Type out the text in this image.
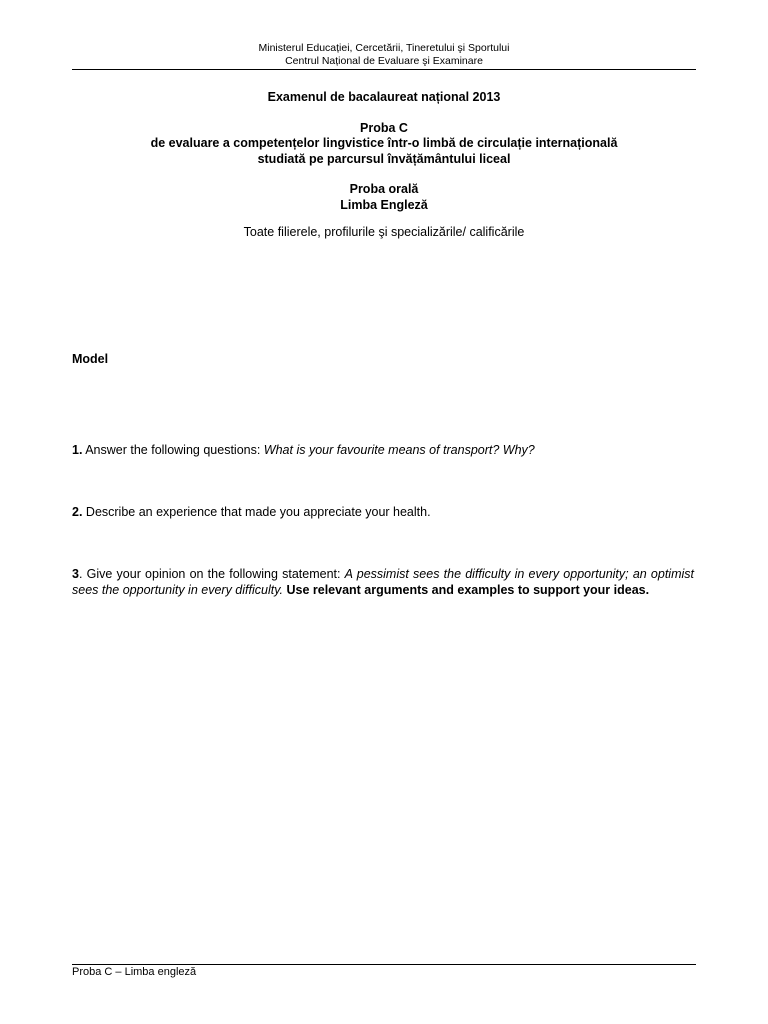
Ministerul Educației, Cercetării, Tineretului şi Sportului
Centrul Național de Evaluare şi Examinare
Examenul de bacalaureat național 2013
Proba C
de evaluare a competențelor lingvistice într-o limbă de circulație internațională
studiată pe parcursul învățământului liceal
Proba orală
Limba Engleză
Toate filierele, profilurile şi specializările/ calificările
Model
1. Answer the following questions: What is your favourite means of transport? Why?
2. Describe an experience that made you appreciate your health.
3. Give your opinion on the following statement: A pessimist sees the difficulty in every opportunity; an optimist sees the opportunity in every difficulty. Use relevant arguments and examples to support your ideas.
Proba C – Limba engleză
